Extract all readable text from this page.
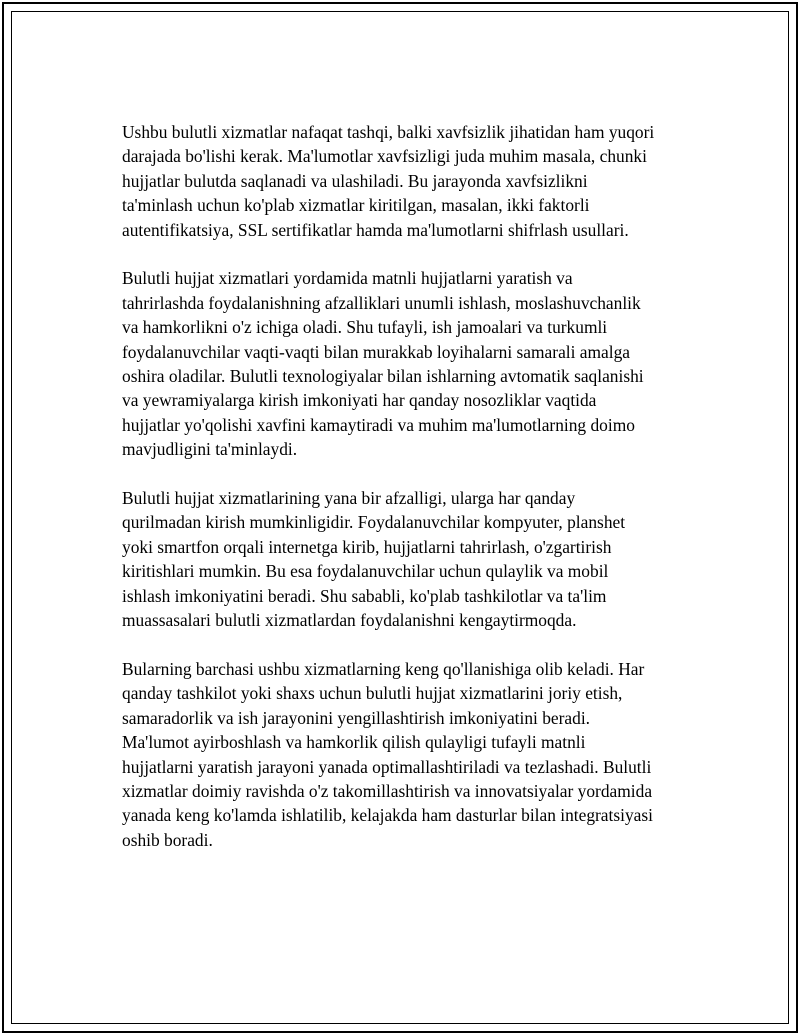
Ushbu bulutli xizmatlar nafaqat tashqi, balki xavfsizlik jihatidan ham yuqori
darajada bo'lishi kerak. Ma'lumotlar xavfsizligi juda muhim masala, chunki
hujjatlar bulutda saqlanadi va ulashiladi. Bu jarayonda xavfsizlikni
ta'minlash uchun ko'plab xizmatlar kiritilgan, masalan, ikki faktorli
autentifikatsiya, SSL sertifikatlar hamda ma'lumotlarni shifrlash usullari.

Bulutli hujjat xizmatlari yordamida matnli hujjatlarni yaratish va
tahrirlashda foydalanishning afzalliklari unumli ishlash, moslashuvchanlik
va hamkorlikni o'z ichiga oladi. Shu tufayli, ish jamoalari va turkumli
foydalanuvchilar vaqti-vaqti bilan murakkab loyihalarni samarali amalga
oshira oladilar. Bulutli texnologiyalar bilan ishlarning avtomatik saqlanishi
va yewramiyalarga kirish imkoniyati har qanday nosozliklar vaqtida
hujjatlar yo'qolishi xavfini kamaytiradi va muhim ma'lumotlarning doimo
mavjudligini ta'minlaydi.

Bulutli hujjat xizmatlarining yana bir afzalligi, ularga har qanday
qurilmadan kirish mumkinligidir. Foydalanuvchilar kompyuter, planshet
yoki smartfon orqali internetga kirib, hujjatlarni tahrirlash, o'zgartirish
kiritishlari mumkin. Bu esa foydalanuvchilar uchun qulaylik va mobil
ishlash imkoniyatini beradi. Shu sababli, ko'plab tashkilotlar va ta'lim
muassasalari bulutli xizmatlardan foydalanishni kengaytirmoqda.

Bularning barchasi ushbu xizmatlarning keng qo'llanishiga olib keladi. Har
qanday tashkilot yoki shaxs uchun bulutli hujjat xizmatlarini joriy etish,
samaradorlik va ish jarayonini yengillashtirish imkoniyatini beradi.
Ma'lumot ayirboshlash va hamkorlik qilish qulayligi tufayli matnli
hujjatlarni yaratish jarayoni yanada optimallashtiriladi va tezlashadi. Bulutli
xizmatlar doimiy ravishda o'z takomillashtirish va innovatsiyalar yordamida
yanada keng ko'lamda ishlatilib, kelajakda ham dasturlar bilan integratsiyasi
oshib boradi.
